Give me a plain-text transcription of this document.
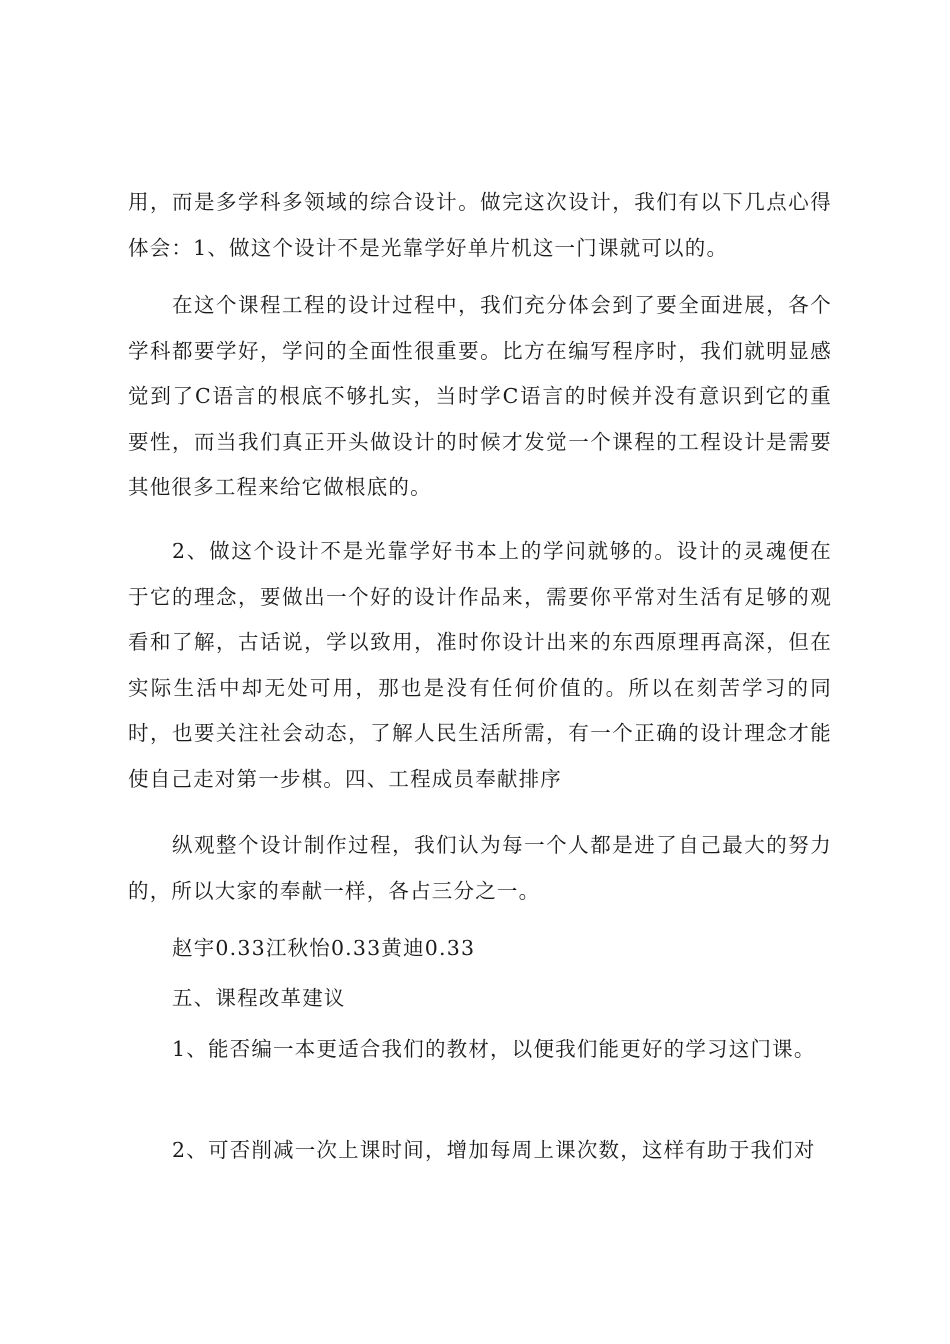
用，而是多学科多领域的综合设计。做完这次设计，我们有以下几点心得体会：1、做这个设计不是光靠学好单片机这一门课就可以的。

在这个课程工程的设计过程中，我们充分体会到了要全面进展，各个学科都要学好，学问的全面性很重要。比方在编写程序时，我们就明显感觉到了C语言的根底不够扎实，当时学C语言的时候并没有意识到它的重要性，而当我们真正开头做设计的时候才发觉一个课程的工程设计是需要其他很多工程来给它做根底的。

2、做这个设计不是光靠学好书本上的学问就够的。设计的灵魂便在于它的理念，要做出一个好的设计作品来，需要你平常对生活有足够的观看和了解，古话说，学以致用，准时你设计出来的东西原理再高深，但在实际生活中却无处可用，那也是没有任何价值的。所以在刻苦学习的同时，也要关注社会动态，了解人民生活所需，有一个正确的设计理念才能使自己走对第一步棋。四、工程成员奉献排序

纵观整个设计制作过程，我们认为每一个人都是进了自己最大的努力的，所以大家的奉献一样，各占三分之一。

赵宇0.33江秋怡0.33黄迪0.33

五、课程改革建议

1、能否编一本更适合我们的教材，以便我们能更好的学习这门课。

2、可否削减一次上课时间，增加每周上课次数，这样有助于我们对
